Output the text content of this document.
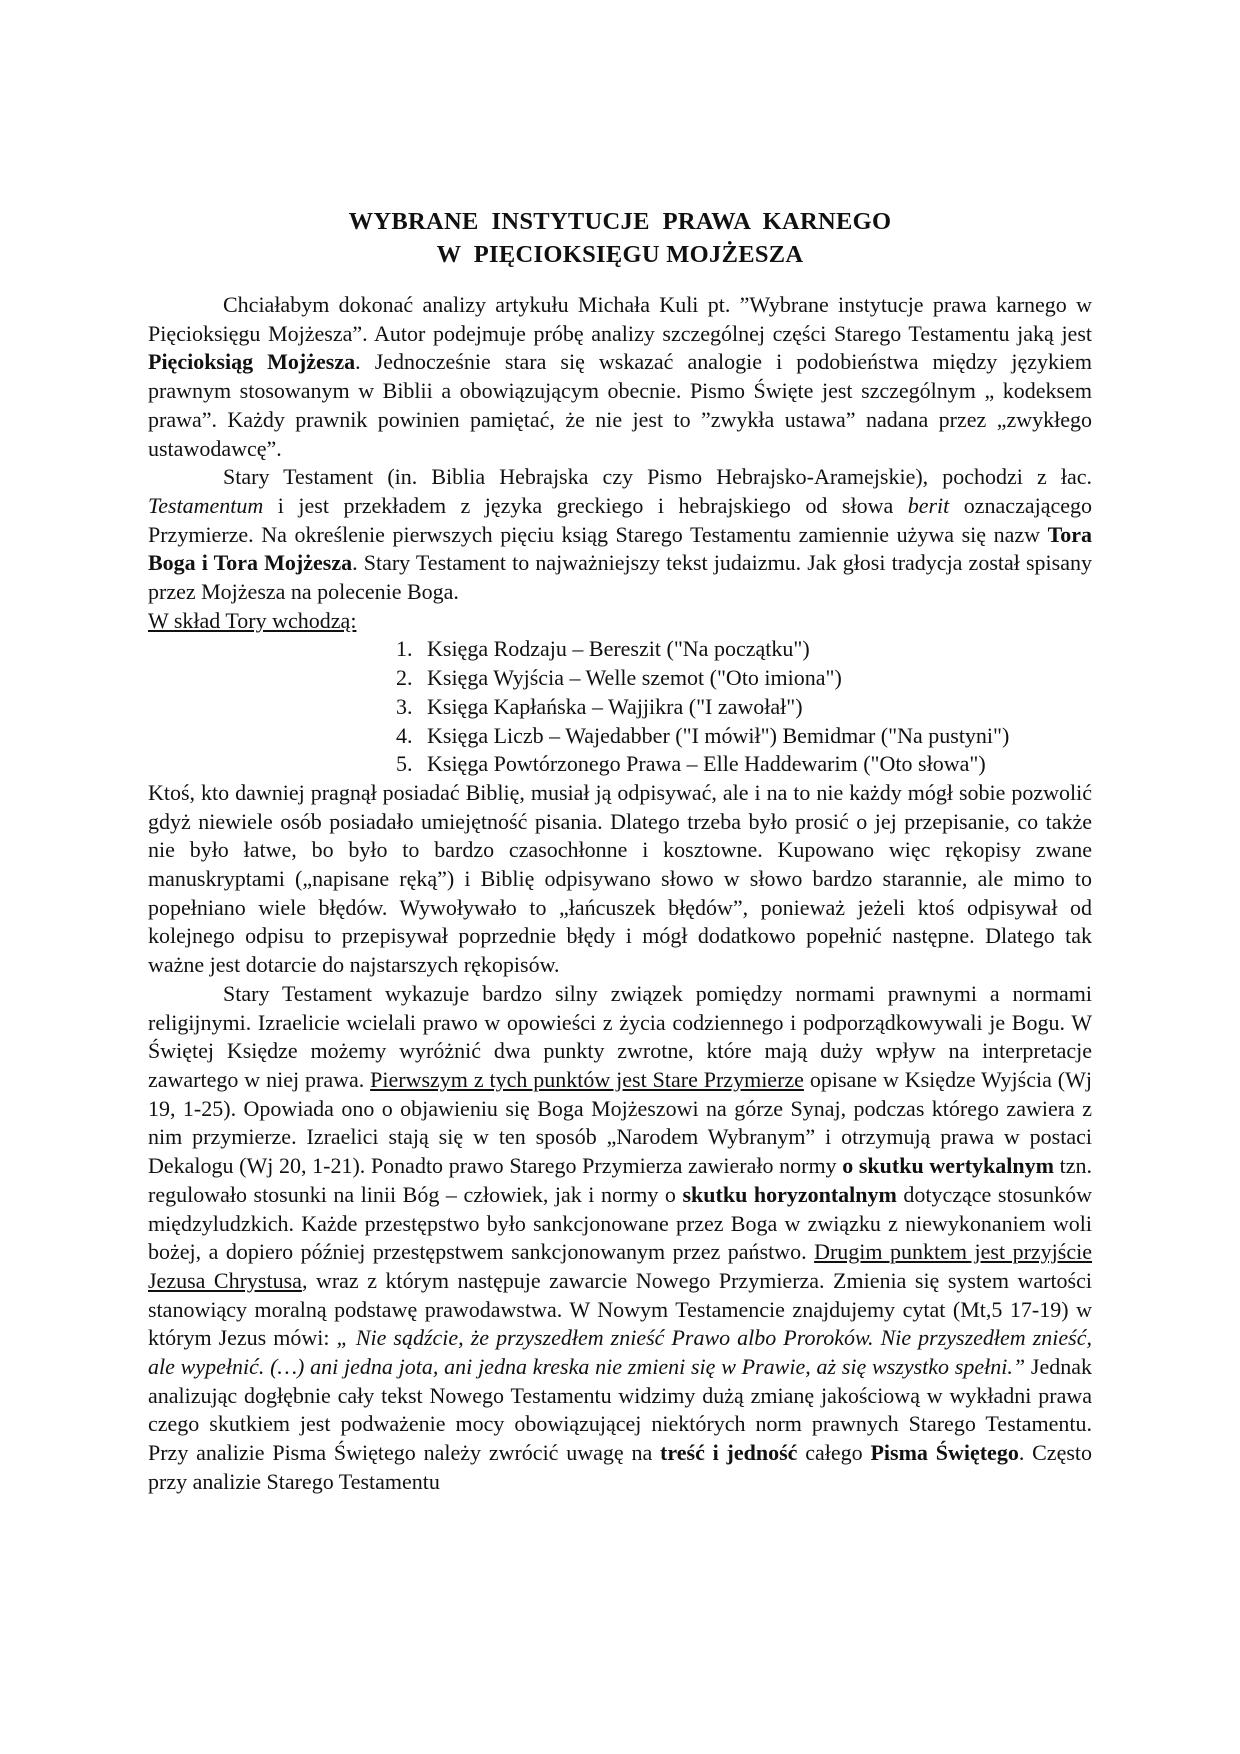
WYBRANE  INSTYTUCJE  PRAWA  KARNEGO
W  PIĘCIOKSIĘGU MOJŻESZA

Chciałabym dokonać analizy artykułu Michała Kuli pt. ”Wybrane instytucje prawa karnego w Pięcioksięgu Mojżesza”. Autor podejmuje próbę analizy szczególnej części Starego Testamentu jaką jest Pięcioksiąg Mojżesza. Jednocześnie stara się wskazać analogie i podobieństwa między językiem prawnym stosowanym w Biblii a obowiązującym obecnie. Pismo Święte jest szczególnym „ kodeksem prawa”. Każdy prawnik powinien pamiętać, że nie jest to ”zwykła ustawa” nadana przez „zwykłego ustawodawcę”.

Stary Testament (in. Biblia Hebrajska czy Pismo Hebrajsko-Aramejskie), pochodzi z łac. Testamentum i jest przekładem z języka greckiego i hebrajskiego od słowa berit oznaczającego Przymierze. Na określenie pierwszych pięciu ksiąg Starego Testamentu zamiennie używa się nazw Tora Boga i Tora Mojżesza. Stary Testament to najważniejszy tekst judaizmu. Jak głosi tradycja został spisany przez Mojżesza na polecenie Boga.

W skład Tory wchodzą:

1. Księga Rodzaju – Bereszit ("Na początku")
2. Księga Wyjścia – Welle szemot ("Oto imiona")
3. Księga Kapłańska – Wajjikra ("I zawołał")
4. Księga Liczb – Wajedabber ("I mówił") Bemidmar ("Na pustyni")
5. Księga Powtórzonego Prawa – Elle Haddewarim ("Oto słowa")

Ktoś, kto dawniej pragnął posiadać Biblię, musiał ją odpisywać, ale i na to nie każdy mógł sobie pozwolić gdyż niewiele osób posiadało umiejętność pisania. Dlatego trzeba było prosić o jej przepisanie, co także nie było łatwe, bo było to bardzo czasochłonne i kosztowne. Kupowano więc rękopisy zwane manuskryptami („napisane ręką”) i Biblię odpisywano słowo w słowo bardzo starannie, ale mimo to popełniano wiele błędów. Wywoływało to „łańcuszek błędów”, ponieważ jeżeli ktoś odpisywał od kolejnego odpisu to przepisywał poprzednie błędy i mógł dodatkowo popełnić następne. Dlatego tak ważne jest dotarcie do najstarszych rękopisów.

Stary Testament wykazuje bardzo silny związek pomiędzy normami prawnymi a normami religijnymi. Izraelicie wcielali prawo w opowieści z życia codziennego i podporządkowywali je Bogu. W Świętej Księdze możemy wyróżnić dwa punkty zwrotne, które mają duży wpływ na interpretacje zawartego w niej prawa. Pierwszym z tych punktów jest Stare Przymierze opisane w Księdze Wyjścia (Wj 19, 1-25). Opowiada ono o objawieniu się Boga Mojżeszowi na górze Synaj, podczas którego zawiera z nim przymierze. Izraelici stają się w ten sposób „Narodem Wybranym” i otrzymują prawa w postaci Dekalogu (Wj 20, 1-21). Ponadto prawo Starego Przymierza zawierało normy o skutku wertykalnym tzn. regulowało stosunki na linii Bóg – człowiek, jak i normy o skutku horyzontalnym dotyczące stosunków międzyludzkich. Każde przestępstwo było sankcjonowane przez Boga w związku z niewykonaniem woli bożej, a dopiero później przestępstwem sankcjonowanym przez państwo. Drugim punktem jest przyjście Jezusa Chrystusa, wraz z którym następuje zawarcie Nowego Przymierza. Zmienia się system wartości stanowiący moralną podstawę prawodawstwa. W Nowym Testamencie znajdujemy cytat (Mt,5 17-19) w którym Jezus mówi: „ Nie sądźcie, że przyszedłem znieść Prawo albo Proroków. Nie przyszedłem znieść, ale wypełnić. (…) ani jedna jota, ani jedna kreska nie zmieni się w Prawie, aż się wszystko spełni.” Jednak analizując dogłębnie cały tekst Nowego Testamentu widzimy dużą zmianę jakościową w wykładni prawa czego skutkiem jest podważenie mocy obowiązującej niektórych norm prawnych Starego Testamentu. Przy analizie Pisma Świętego należy zwrócić uwagę na treść i jedność całego Pisma Świętego. Często przy analizie Starego Testamentu
